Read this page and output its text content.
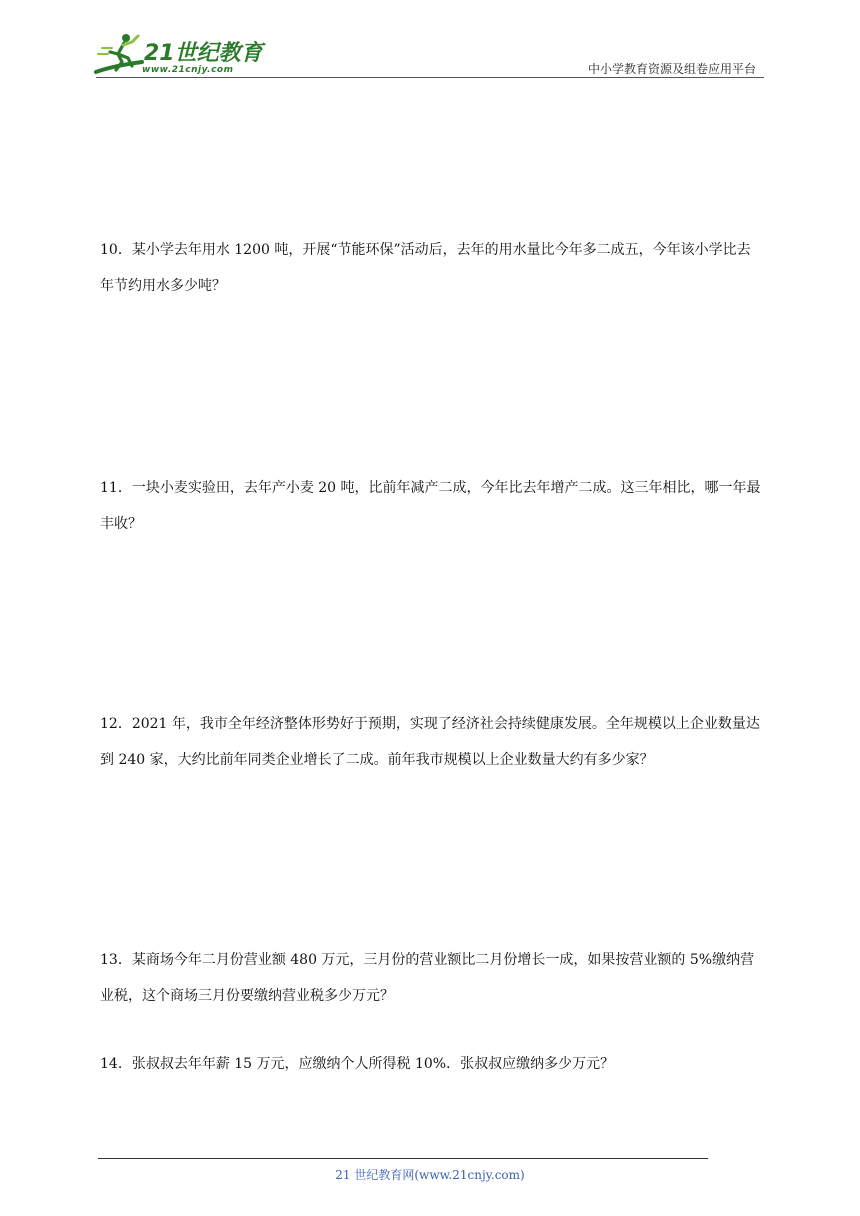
21世纪教育
www.21cnjy.com	中小学教育资源及组卷应用平台
10．某小学去年用水 1200 吨，开展“节能环保”活动后，去年的用水量比今年多二成五，今年该小学比去年节约用水多少吨？
11．一块小麦实验田，去年产小麦 20 吨，比前年减产二成，今年比去年增产二成。这三年相比，哪一年最丰收？
12．2021 年，我市全年经济整体形势好于预期，实现了经济社会持续健康发展。全年规模以上企业数量达到 240 家，大约比前年同类企业增长了二成。前年我市规模以上企业数量大约有多少家？
13．某商场今年二月份营业额 480 万元，三月份的营业额比二月份增长一成，如果按营业额的 5%缴纳营业税，这个商场三月份要缴纳营业税多少万元？
14．张叔叔去年年薪 15 万元，应缴纳个人所得税 10%．张叔叔应缴纳多少万元？
21 世纪教育网(www.21cnjy.com)
